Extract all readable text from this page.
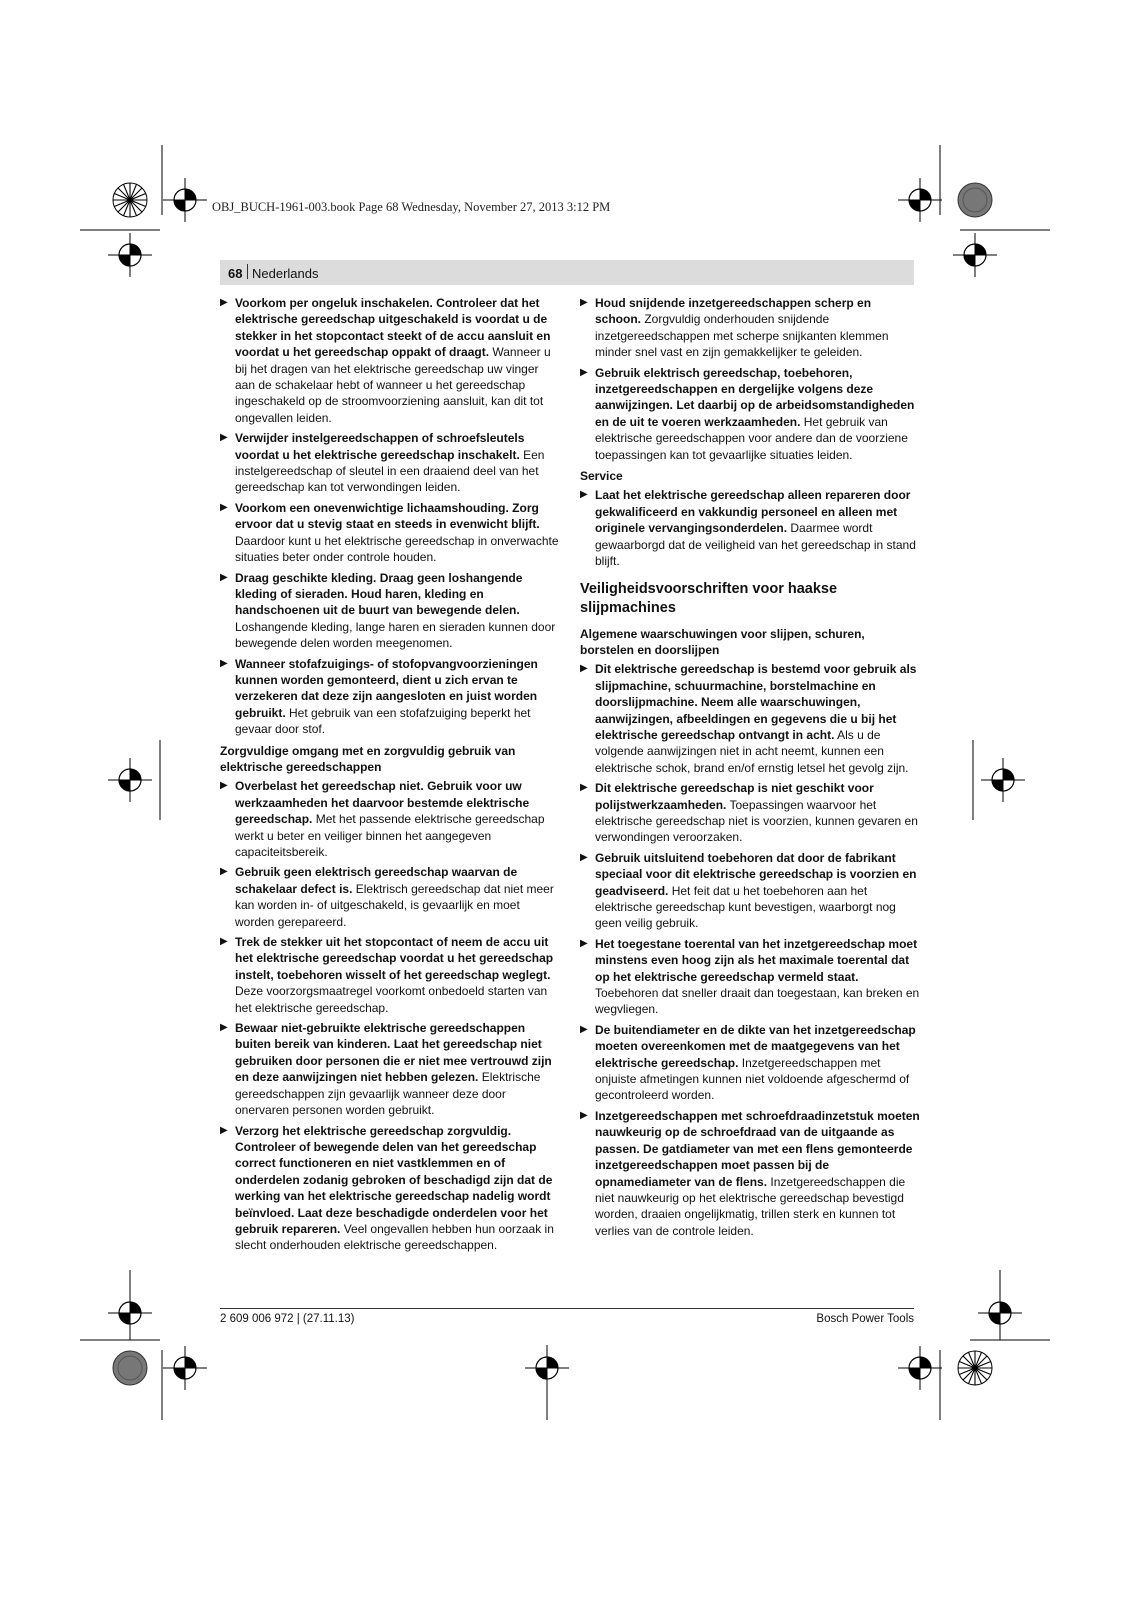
OBJ_BUCH-1961-003.book Page 68 Wednesday, November 27, 2013 3:12 PM
68 Nederlands
▶ Voorkom per ongeluk inschakelen. Controleer dat het elektrische gereedschap uitgeschakeld is voordat u de stekker in het stopcontact steekt of de accu aansluit en voordat u het gereedschap oppakt of draagt. Wanneer u bij het dragen van het elektrische gereedschap uw vinger aan de schakelaar hebt of wanneer u het gereedschap ingeschakeld op de stroomvoorziening aansluit, kan dit tot ongevallen leiden.
▶ Verwijder instelgereedschappen of schroefsleutels voordat u het elektrische gereedschap inschakelt. Een instelgereedschap of sleutel in een draaiend deel van het gereedschap kan tot verwondingen leiden.
▶ Voorkom een onevenwichtige lichaamshouding. Zorg ervoor dat u stevig staat en steeds in evenwicht blijft. Daardoor kunt u het elektrische gereedschap in onverwachte situaties beter onder controle houden.
▶ Draag geschikte kleding. Draag geen loshangende kleding of sieraden. Houd haren, kleding en handschoenen uit de buurt van bewegende delen. Loshangende kleding, lange haren en sieraden kunnen door bewegende delen worden meegenomen.
▶ Wanneer stofafzuigings- of stofopvangvoorzieningen kunnen worden gemonteerd, dient u zich ervan te verzekeren dat deze zijn aangesloten en juist worden gebruikt. Het gebruik van een stofafzuiging beperkt het gevaar door stof.
Zorgvuldige omgang met en zorgvuldig gebruik van elektrische gereedschappen
▶ Overbelast het gereedschap niet. Gebruik voor uw werkzaamheden het daarvoor bestemde elektrische gereedschap. Met het passende elektrische gereedschap werkt u beter en veiliger binnen het aangegeven capaciteitsbereik.
▶ Gebruik geen elektrisch gereedschap waarvan de schakelaar defect is. Elektrisch gereedschap dat niet meer kan worden in- of uitgeschakeld, is gevaarlijk en moet worden gerepareerd.
▶ Trek de stekker uit het stopcontact of neem de accu uit het elektrische gereedschap voordat u het gereedschap instelt, toebehoren wisselt of het gereedschap weglegt. Deze voorzorgsmaatregel voorkomt onbedoeld starten van het elektrische gereedschap.
▶ Bewaar niet-gebruikte elektrische gereedschappen buiten bereik van kinderen. Laat het gereedschap niet gebruiken door personen die er niet mee vertrouwd zijn en deze aanwijzingen niet hebben gelezen. Elektrische gereedschappen zijn gevaarlijk wanneer deze door onervaren personen worden gebruikt.
▶ Verzorg het elektrische gereedschap zorgvuldig. Controleer of bewegende delen van het gereedschap correct functioneren en niet vastklemmen en of onderdelen zodanig gebroken of beschadigd zijn dat de werking van het elektrische gereedschap nadelig wordt beïnvloed. Laat deze beschadigde onderdelen voor het gebruik repareren. Veel ongevallen hebben hun oorzaak in slecht onderhouden elektrische gereedschappen.
▶ Houd snijdende inzetgereedschappen scherp en schoon. Zorgvuldig onderhouden snijdende inzetgereedschappen met scherpe snijkanten klemmen minder snel vast en zijn gemakkelijker te geleiden.
▶ Gebruik elektrisch gereedschap, toebehoren, inzetgereedschappen en dergelijke volgens deze aanwijzingen. Let daarbij op de arbeidsomstandigheden en de uit te voeren werkzaamheden. Het gebruik van elektrische gereedschappen voor andere dan de voorziene toepassingen kan tot gevaarlijke situaties leiden.
Service
▶ Laat het elektrische gereedschap alleen repareren door gekwalificeerd en vakkundig personeel en alleen met originele vervangingsonderdelen. Daarmee wordt gewaarborgd dat de veiligheid van het gereedschap in stand blijft.
Veiligheidsvoorschriften voor haakse slijpmachines
Algemene waarschuwingen voor slijpen, schuren, borstelen en doorslijpen
▶ Dit elektrische gereedschap is bestemd voor gebruik als slijpmachine, schuurmachine, borstelmachine en doorslijpmachine. Neem alle waarschuwingen, aanwijzingen, afbeeldingen en gegevens die u bij het elektrische gereedschap ontvangt in acht. Als u de volgende aanwijzingen niet in acht neemt, kunnen een elektrische schok, brand en/of ernstig letsel het gevolg zijn.
▶ Dit elektrische gereedschap is niet geschikt voor polijstwerkzaamheden. Toepassingen waarvoor het elektrische gereedschap niet is voorzien, kunnen gevaren en verwondingen veroorzaken.
▶ Gebruik uitsluitend toebehoren dat door de fabrikant speciaal voor dit elektrische gereedschap is voorzien en geadviseerd. Het feit dat u het toebehoren aan het elektrische gereedschap kunt bevestigen, waarborgt nog geen veilig gebruik.
▶ Het toegestane toerental van het inzetgereedschap moet minstens even hoog zijn als het maximale toerental dat op het elektrische gereedschap vermeld staat. Toebehoren dat sneller draait dan toegestaan, kan breken en wegvliegen.
▶ De buitendiameter en de dikte van het inzetgereedschap moeten overeenkomen met de maatgegevens van het elektrische gereedschap. Inzetgereedschappen met onjuiste afmetingen kunnen niet voldoende afgeschermd of gecontroleerd worden.
▶ Inzetgereedschappen met schroefdraadinzetstuk moeten nauwkeurig op de schroefdraad van de uitgaande as passen. De gatdiameter van met een flens gemonteerde inzetgereedschappen moet passen bij de opnamediameter van de flens. Inzetgereedschappen die niet nauwkeurig op het elektrische gereedschap bevestigd worden, draaien ongelijkmatig, trillen sterk en kunnen tot verlies van de controle leiden.
2 609 006 972 | (27.11.13)	Bosch Power Tools
